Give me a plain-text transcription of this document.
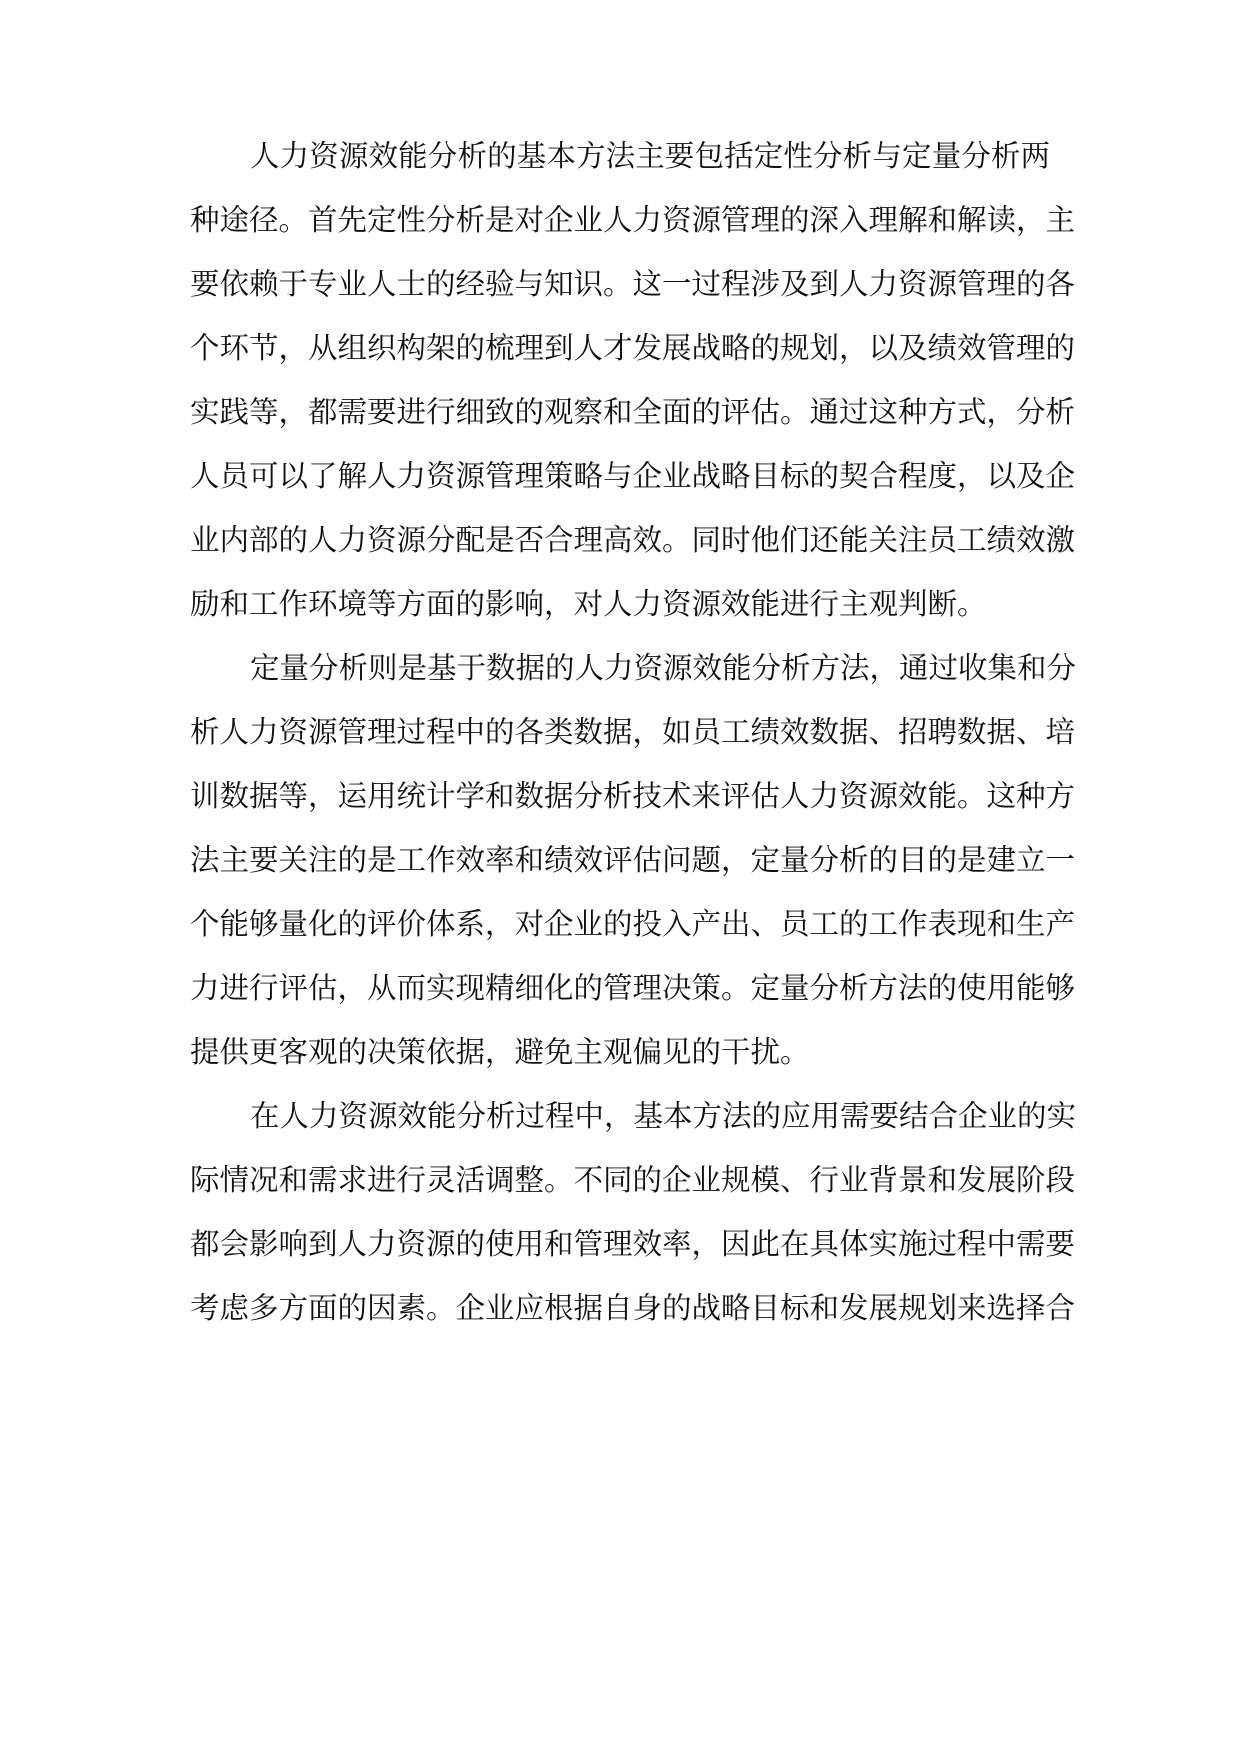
人力资源效能分析的基本方法主要包括定性分析与定量分析两

种途径。首先定性分析是对企业人力资源管理的深入理解和解读，主

要依赖于专业人士的经验与知识。这一过程涉及到人力资源管理的各

个环节，从组织构架的梳理到人才发展战略的规划，以及绩效管理的

实践等，都需要进行细致的观察和全面的评估。通过这种方式，分析

人员可以了解人力资源管理策略与企业战略目标的契合程度，以及企

业内部的人力资源分配是否合理高效。同时他们还能关注员工绩效激

励和工作环境等方面的影响，对人力资源效能进行主观判断。

定量分析则是基于数据的人力资源效能分析方法，通过收集和分

析人力资源管理过程中的各类数据，如员工绩效数据、招聘数据、培

训数据等，运用统计学和数据分析技术来评估人力资源效能。这种方

法主要关注的是工作效率和绩效评估问题，定量分析的目的是建立一

个能够量化的评价体系，对企业的投入产出、员工的工作表现和生产

力进行评估，从而实现精细化的管理决策。定量分析方法的使用能够

提供更客观的决策依据，避免主观偏见的干扰。

在人力资源效能分析过程中，基本方法的应用需要结合企业的实

际情况和需求进行灵活调整。不同的企业规模、行业背景和发展阶段

都会影响到人力资源的使用和管理效率，因此在具体实施过程中需要

考虑多方面的因素。企业应根据自身的战略目标和发展规划来选择合
